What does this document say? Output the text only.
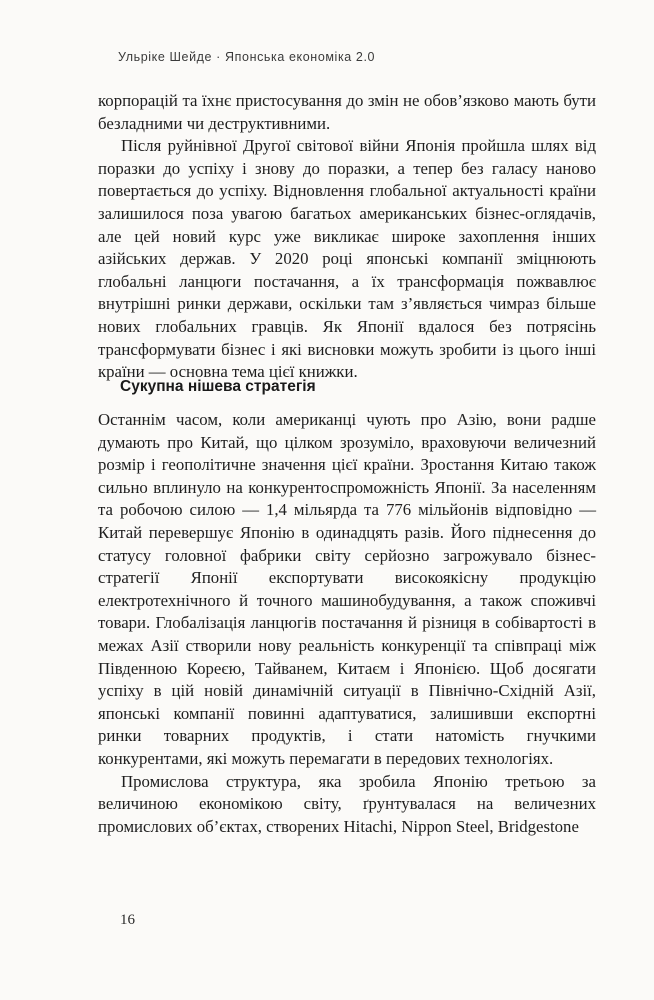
Ульріке Шейде · Японська економіка 2.0

корпорацій та їхнє пристосування до змін не обов’язково мають бути безладними чи деструктивними.

Після руйнівної Другої світової війни Японія пройшла шлях від поразки до успіху і знову до поразки, а тепер без галасу наново повертається до успіху. Відновлення глобальної актуальності країни залишилося поза увагою багатьох американських бізнес-оглядачів, але цей новий курс уже викликає широке захоплення інших азійських держав. У 2020 році японські компанії зміцнюють глобальні ланцюги постачання, а їх трансформація пожвавлює внутрішні ринки держави, оскільки там з’являється чимраз більше нових глобальних гравців. Як Японії вдалося без потрясінь трансформувати бізнес і які висновки можуть зробити із цього інші країни — основна тема цієї книжки.

Сукупна нішева стратегія

Останнім часом, коли американці чують про Азію, вони радше думають про Китай, що цілком зрозуміло, враховуючи величезний розмір і геополітичне значення цієї країни. Зростання Китаю також сильно вплинуло на конкурентоспроможність Японії. За населенням та робочою силою — 1,4 мільярда та 776 мільйонів відповідно — Китай перевершує Японію в одинадцять разів. Його піднесення до статусу головної фабрики світу серйозно загрожувало бізнес-стратегії Японії експортувати високоякісну продукцію електротехнічного й точного машинобудування, а також споживчі товари. Глобалізація ланцюгів постачання й різниця в собівартості в межах Азії створили нову реальність конкуренції та співпраці між Південною Кореєю, Тайванем, Китаєм і Японією. Щоб досягати успіху в цій новій динамічній ситуації в Північно-Східній Азії, японські компанії повинні адаптуватися, залишивши експортні ринки товарних продуктів, і стати натомість гнучкими конкурентами, які можуть перемагати в передових технологіях.

Промислова структура, яка зробила Японію третьою за величиною економікою світу, ґрунтувалася на величезних промислових об’єктах, створених Hitachi, Nippon Steel, Bridgestone

16
